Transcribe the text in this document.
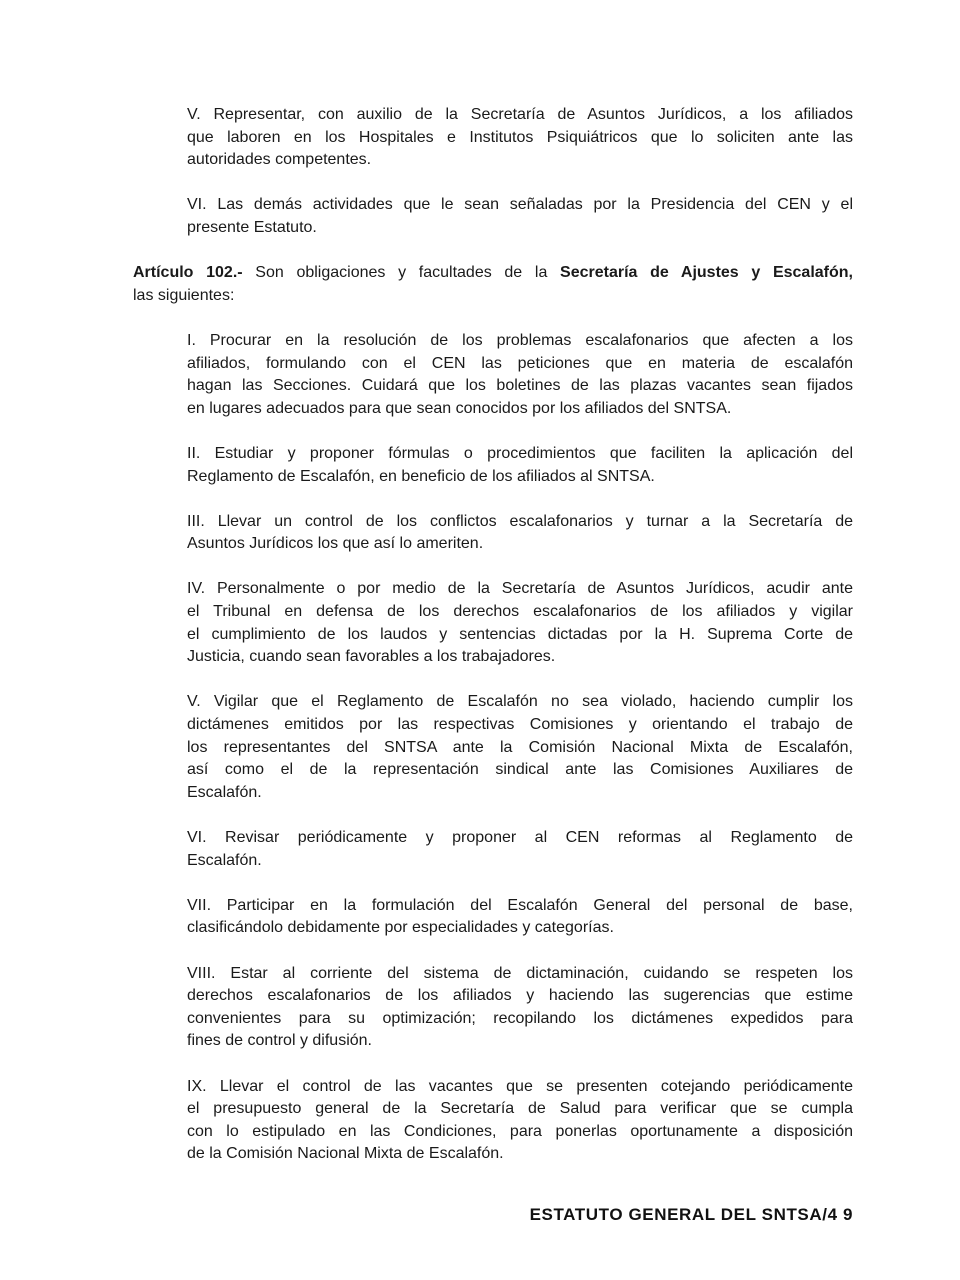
V. Representar, con auxilio de la Secretaría de Asuntos Jurídicos, a los afiliados
que laboren en los Hospitales e Institutos Psiquiátricos que lo soliciten ante las
autoridades competentes.
VI. Las demás actividades que le sean señaladas por la Presidencia del CEN y el
presente Estatuto.
Artículo 102.- Son obligaciones y facultades de la Secretaría de Ajustes y Escalafón,
las siguientes:
I. Procurar en la resolución de los problemas escalafonarios que afecten a los
afiliados, formulando con el CEN las peticiones que en materia de escalafón
hagan las Secciones. Cuidará que los boletines de las plazas vacantes sean fijados
en lugares adecuados para que sean conocidos por los afiliados del SNTSA.
II. Estudiar y proponer fórmulas o procedimientos que faciliten la aplicación del
Reglamento de Escalafón, en beneficio de los afiliados al SNTSA.
III. Llevar un control de los conflictos escalafonarios y turnar a la Secretaría de
Asuntos Jurídicos los que así lo ameriten.
IV. Personalmente o por medio de la Secretaría de Asuntos Jurídicos, acudir ante
el Tribunal en defensa de los derechos escalafonarios de los afiliados y vigilar
el cumplimiento de los laudos y sentencias dictadas por la H. Suprema Corte de
Justicia, cuando sean favorables a los trabajadores.
V. Vigilar que el Reglamento de Escalafón no sea violado, haciendo cumplir los
dictámenes emitidos por las respectivas Comisiones y orientando el trabajo de
los representantes del SNTSA ante la Comisión Nacional Mixta de Escalafón,
así como el de la representación sindical ante las Comisiones Auxiliares de
Escalafón.
VI. Revisar periódicamente y proponer al CEN reformas al Reglamento de
Escalafón.
VII. Participar en la formulación del Escalafón General del personal de base,
clasificándolo debidamente por especialidades y categorías.
VIII. Estar al corriente del sistema de dictaminación, cuidando se respeten los
derechos escalafonarios de los afiliados y haciendo las sugerencias que estime
convenientes para su optimización; recopilando los dictámenes expedidos para
fines de control y difusión.
IX. Llevar el control de las vacantes que se presenten cotejando periódicamente
el presupuesto general de la Secretaría de Salud para verificar que se cumpla
con lo estipulado en las Condiciones, para ponerlas oportunamente a disposición
de la Comisión Nacional Mixta de Escalafón.
ESTATUTO GENERAL DEL SNTSA/4 9
